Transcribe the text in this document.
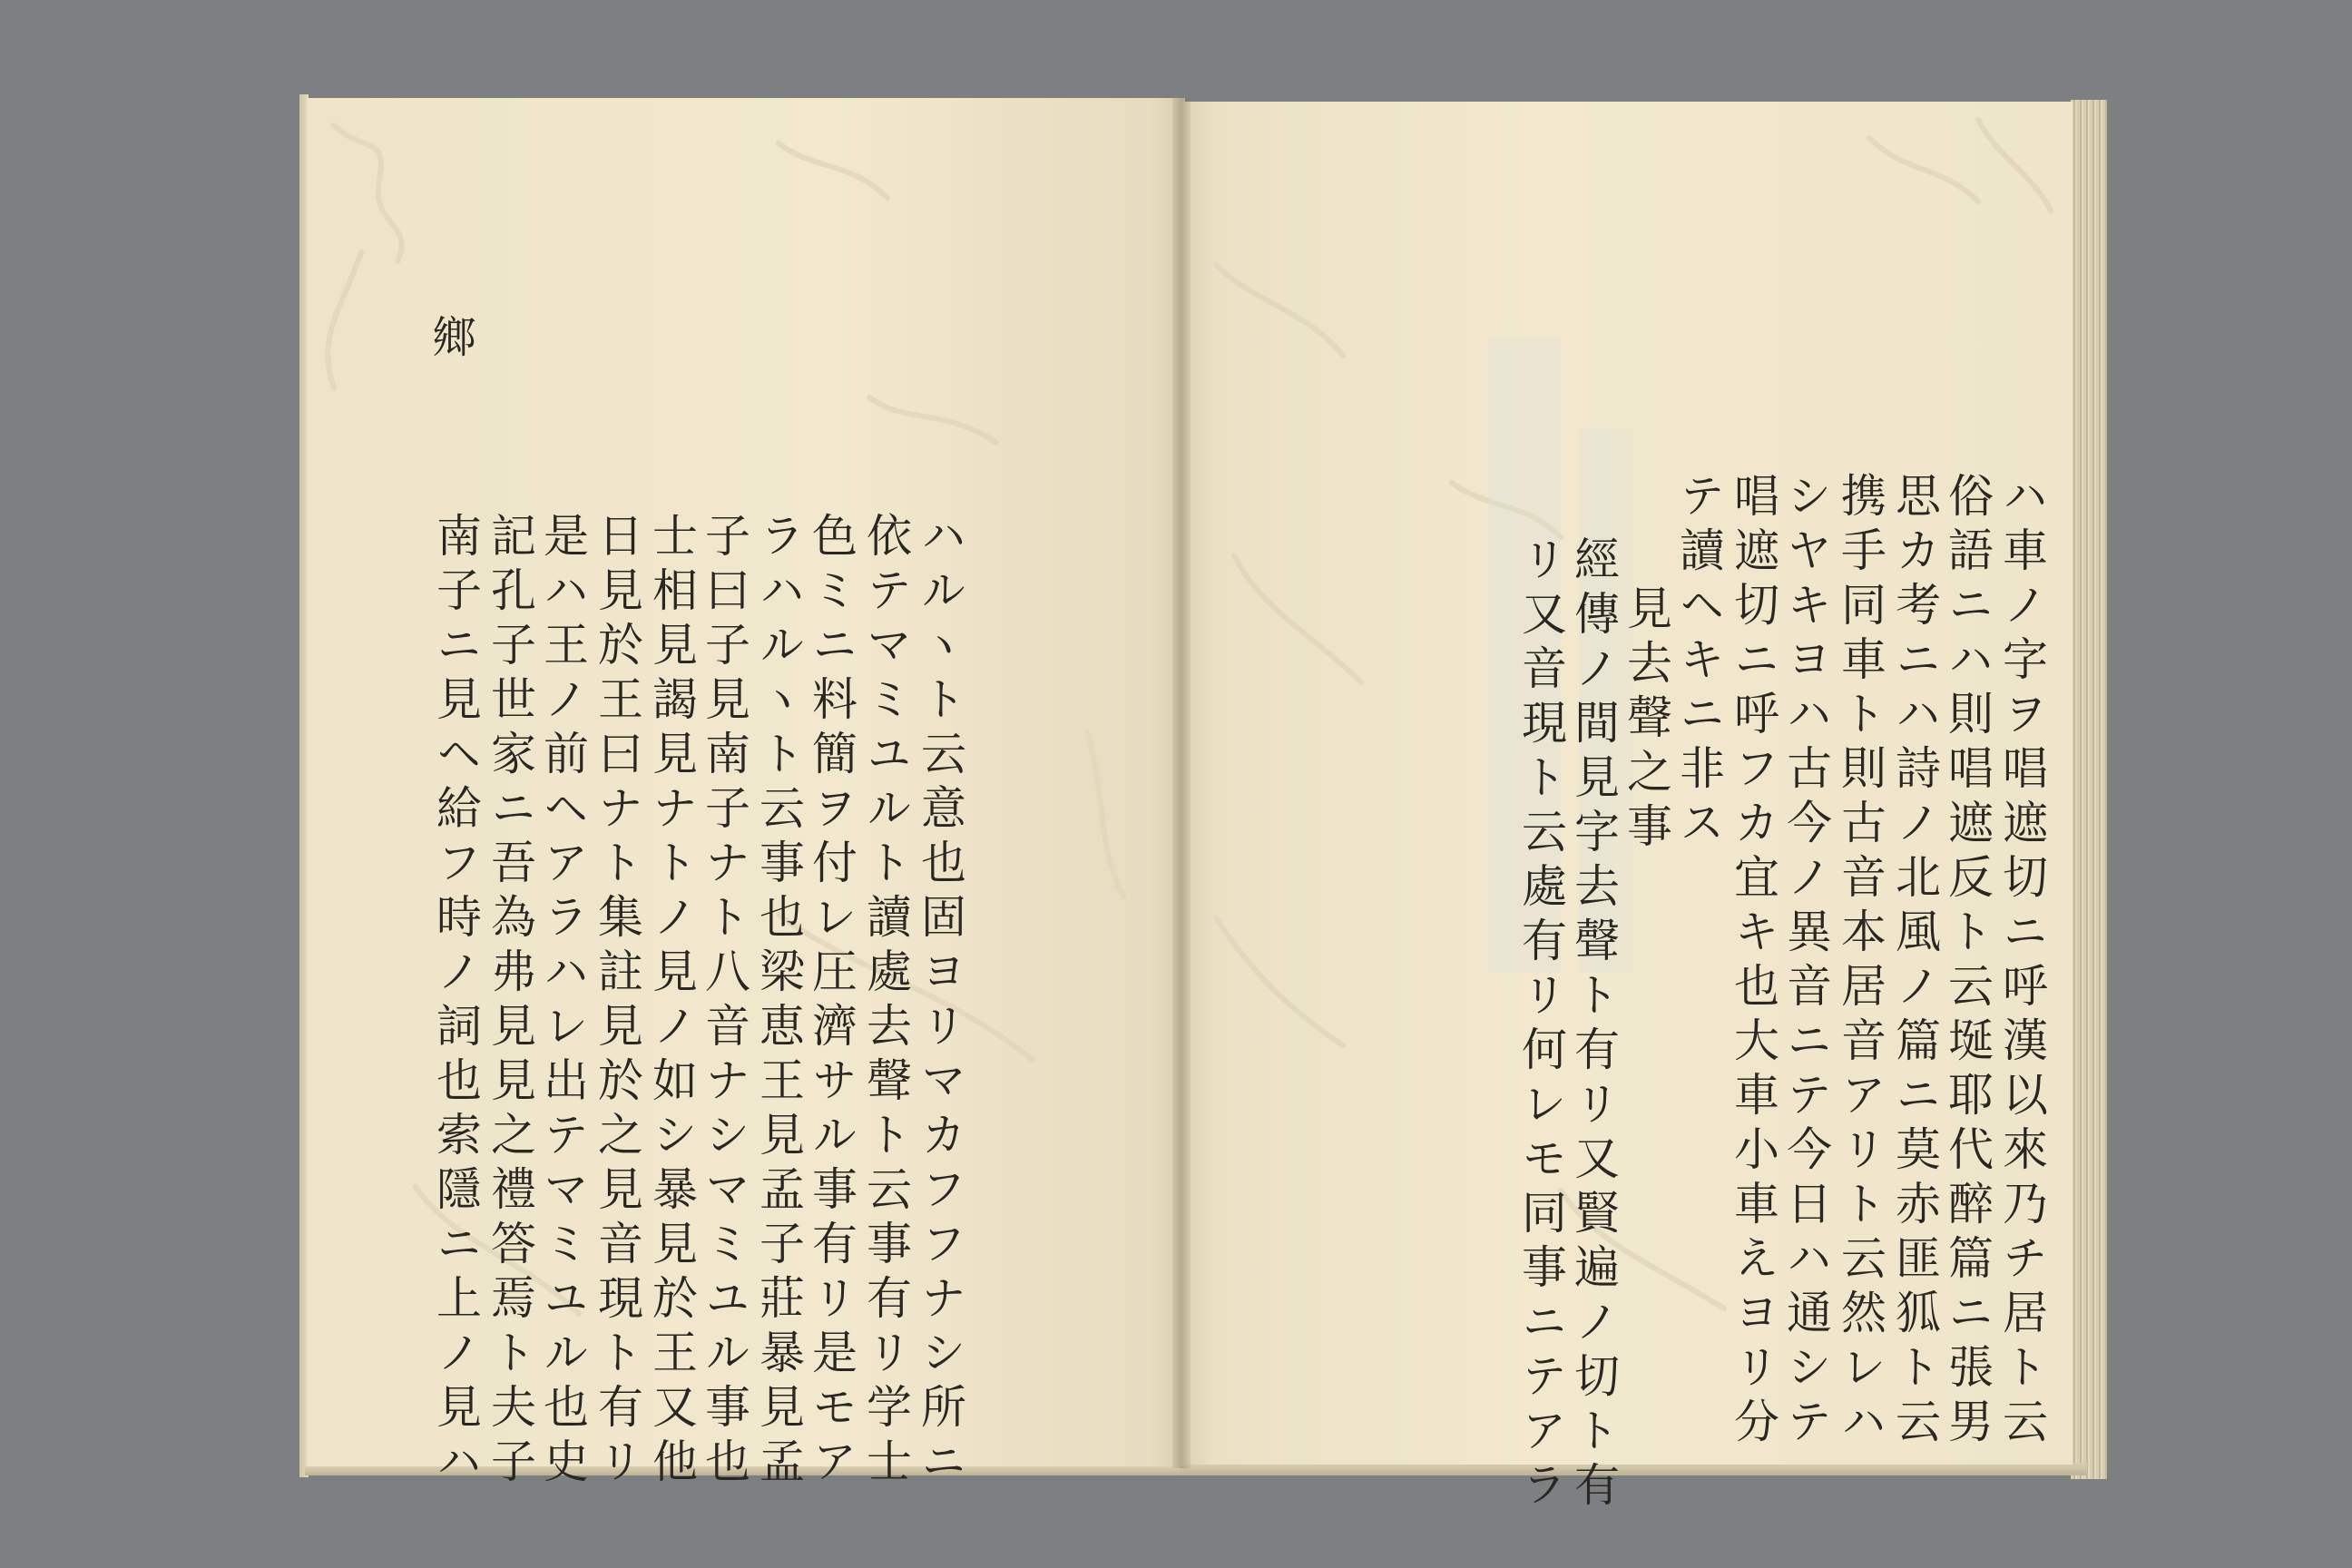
鄉
ハルヽト云意也固ヨリマカフフナシ所ニ
依テマミユルト讀處去聲ト云事有リ学士
色ミニ料簡ヲ付レ圧濟サル事有リ是モア
ラハルヽト云事也梁恵王見孟子莊暴見孟
子曰子見南子ナト八音ナシマミユル事也
士相見謁見ナトノ見ノ如シ暴見於王又他
日見於王曰ナト集註見於之見音現ト有リ
是ハ王ノ前ヘアラハレ出テマミユル也史
記孔子世家ニ吾為弗見見之禮答焉ト夫子
南子ニ見ヘ給フ時ノ詞也索隱ニ上ノ見ハ	ハ車ノ字ヲ唱遮切ニ呼漢以來乃チ居ト云
俗語ニハ則唱遮反ト云埏耶代醉篇ニ張男
思カ考ニハ詩ノ北風ノ篇ニ莫赤匪狐ト云
携手同車ト則古音本居音アリト云然レハ
シヤキヨハ古今ノ異音ニテ今日ハ通シテ
唱遮切ニ呼フカ宜キ也大車小車えヨリ分
テ讀ヘキニ非ス
見去聲之事
經傳ノ間見字去聲ト有リ又賢遍ノ切ト有
リ又音現ト云處有リ何レモ同事ニテアラ
